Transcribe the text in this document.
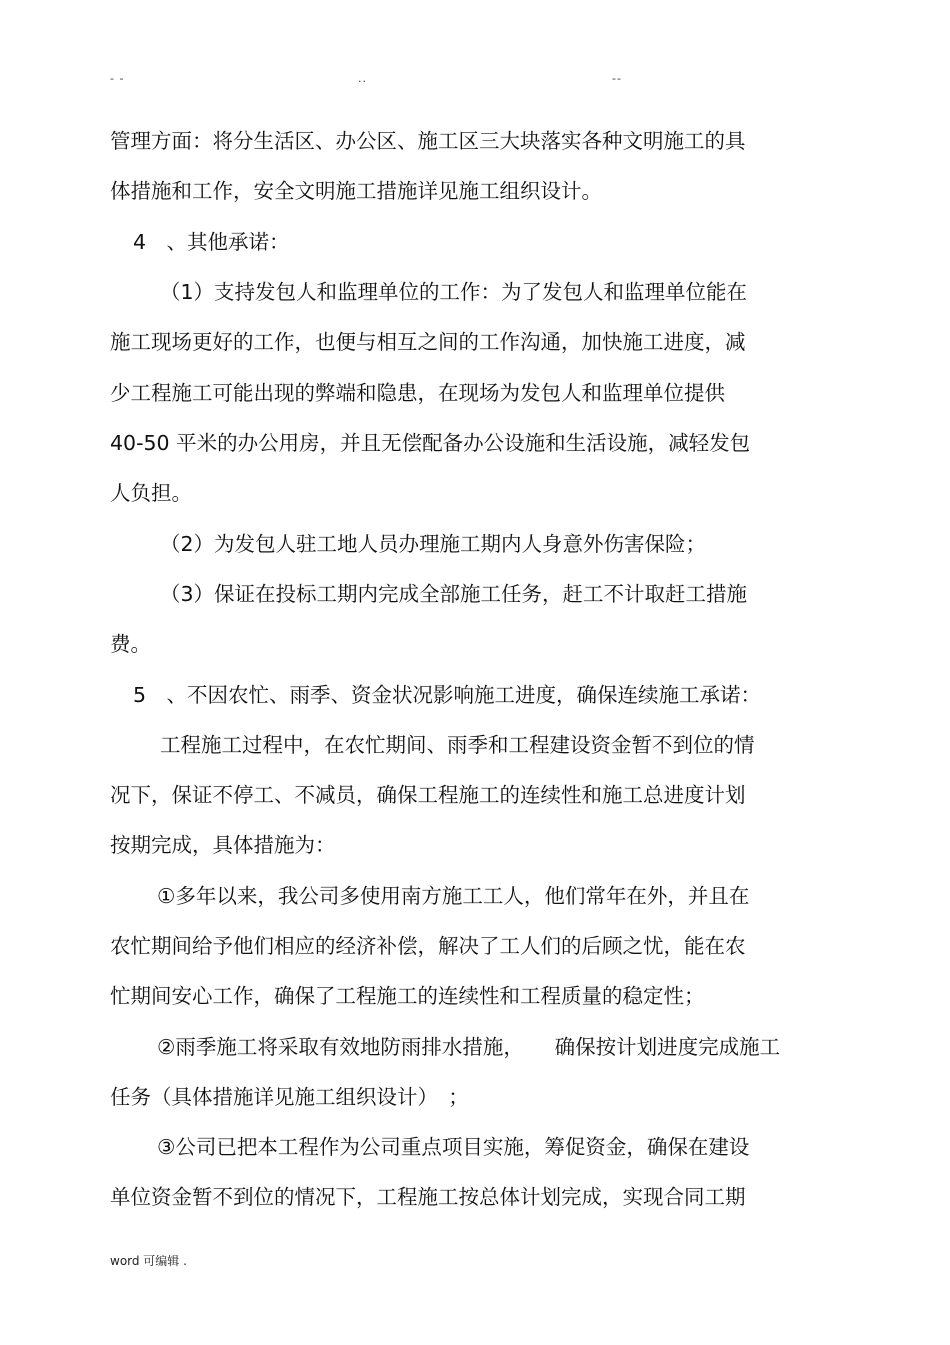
- -	..	--
管理方面：将分生活区、办公区、施工区三大块落实各种文明施工的具
体措施和工作，安全文明施工措施详见施工组织设计。
4　、其他承诺：
（1）支持发包人和监理单位的工作：为了发包人和监理单位能在
施工现场更好的工作，也便与相互之间的工作沟通，加快施工进度，减
少工程施工可能出现的弊端和隐患，在现场为发包人和监理单位提供
40-50 平米的办公用房，并且无偿配备办公设施和生活设施，减轻发包
人负担。
（2）为发包人驻工地人员办理施工期内人身意外伤害保险；
（3）保证在投标工期内完成全部施工任务，赶工不计取赶工措施
费。
5　、不因农忙、雨季、资金状况影响施工进度，确保连续施工承诺：
工程施工过程中，在农忙期间、雨季和工程建设资金暂不到位的情
况下，保证不停工、不减员，确保工程施工的连续性和施工总进度计划
按期完成，具体措施为：
①多年以来，我公司多使用南方施工工人，他们常年在外，并且在
农忙期间给予他们相应的经济补偿，解决了工人们的后顾之忧，能在农
忙期间安心工作，确保了工程施工的连续性和工程质量的稳定性；
②雨季施工将采取有效地防雨排水措施，　　确保按计划进度完成施工
任务（具体措施详见施工组织设计）　；
③公司已把本工程作为公司重点项目实施，筹促资金，确保在建设
单位资金暂不到位的情况下，工程施工按总体计划完成，实现合同工期
word 可编辑 .
